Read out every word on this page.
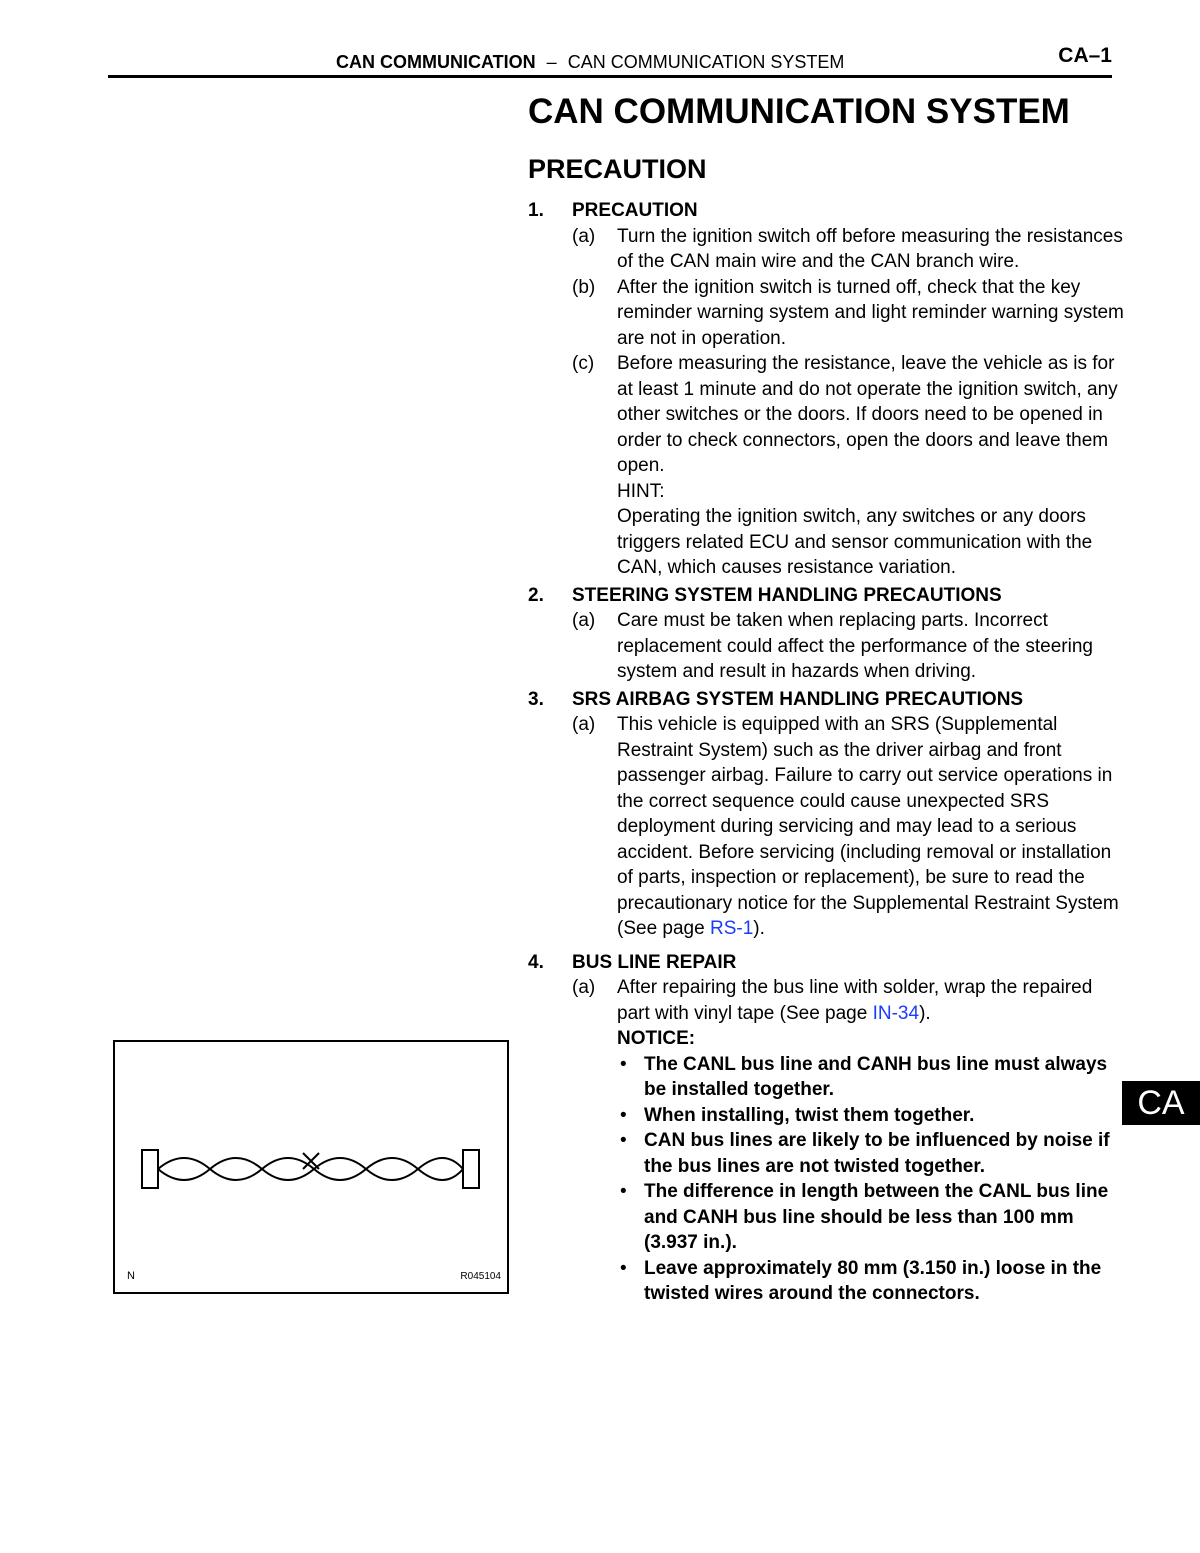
CAN COMMUNICATION – CAN COMMUNICATION SYSTEM	CA–1
CAN COMMUNICATION SYSTEM
PRECAUTION
1. PRECAUTION
(a) Turn the ignition switch off before measuring the resistances of the CAN main wire and the CAN branch wire.
(b) After the ignition switch is turned off, check that the key reminder warning system and light reminder warning system are not in operation.
(c) Before measuring the resistance, leave the vehicle as is for at least 1 minute and do not operate the ignition switch, any other switches or the doors. If doors need to be opened in order to check connectors, open the doors and leave them open.
HINT:
Operating the ignition switch, any switches or any doors triggers related ECU and sensor communication with the CAN, which causes resistance variation.
2. STEERING SYSTEM HANDLING PRECAUTIONS
(a) Care must be taken when replacing parts. Incorrect replacement could affect the performance of the steering system and result in hazards when driving.
3. SRS AIRBAG SYSTEM HANDLING PRECAUTIONS
(a) This vehicle is equipped with an SRS (Supplemental Restraint System) such as the driver airbag and front passenger airbag. Failure to carry out service operations in the correct sequence could cause unexpected SRS deployment during servicing and may lead to a serious accident. Before servicing (including removal or installation of parts, inspection or replacement), be sure to read the precautionary notice for the Supplemental Restraint System (See page RS-1).
4. BUS LINE REPAIR
(a) After repairing the bus line with solder, wrap the repaired part with vinyl tape (See page IN-34).
NOTICE:
• The CANL bus line and CANH bus line must always be installed together.
• When installing, twist them together.
• CAN bus lines are likely to be influenced by noise if the bus lines are not twisted together.
• The difference in length between the CANL bus line and CANH bus line should be less than 100 mm (3.937 in.).
• Leave approximately 80 mm (3.150 in.) loose in the twisted wires around the connectors.
N	R045104
CA
